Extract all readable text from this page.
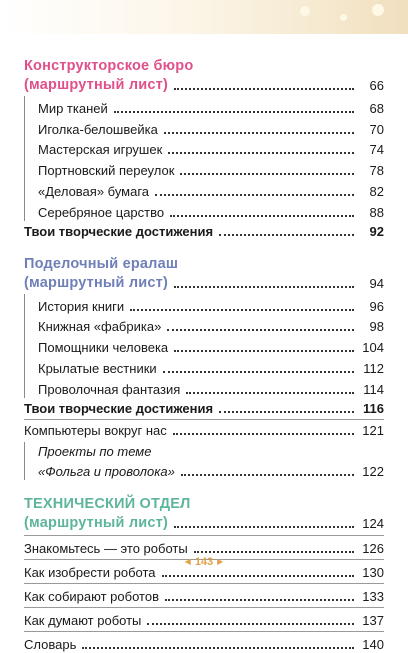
Конструкторское бюро
(маршрутный лист)	66
Мир тканей	68
Иголка-белошвейка	70
Мастерская игрушек	74
Портновский переулок	78
«Деловая» бумага	82
Серебряное царство	88
Твои творческие достижения	92
Поделочный ералаш
(маршрутный лист)	94
История книги	96
Книжная «фабрика»	98
Помощники человека	104
Крылатые вестники	112
Проволочная фантазия	114
Твои творческие достижения	116
Компьютеры вокруг нас	121
Проекты по теме
«Фольга и проволока»	122
ТЕХНИЧЕСКИЙ ОТДЕЛ
(маршрутный лист)	124
Знакомьтесь — это роботы	126
Как изобрести робота	130
Как собирают роботов	133
Как думают роботы	137
Словарь	140
◀ 143 ▶
